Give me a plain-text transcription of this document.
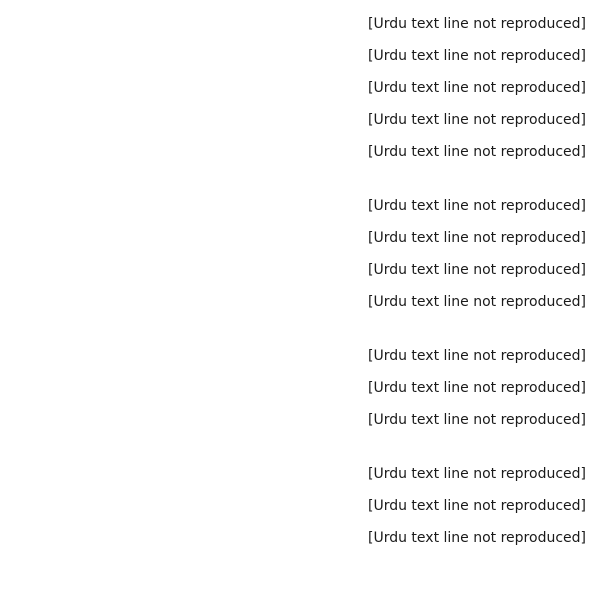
[Urdu text line not reproduced]
[Urdu text line not reproduced]
[Urdu text line not reproduced]
[Urdu text line not reproduced]
[Urdu text line not reproduced]
[Urdu text line not reproduced]
[Urdu text line not reproduced]
[Urdu text line not reproduced]
[Urdu text line not reproduced]
[Urdu text line not reproduced]
[Urdu text line not reproduced]
[Urdu text line not reproduced]
[Urdu text line not reproduced]
[Urdu text line not reproduced]
[Urdu text line not reproduced]
